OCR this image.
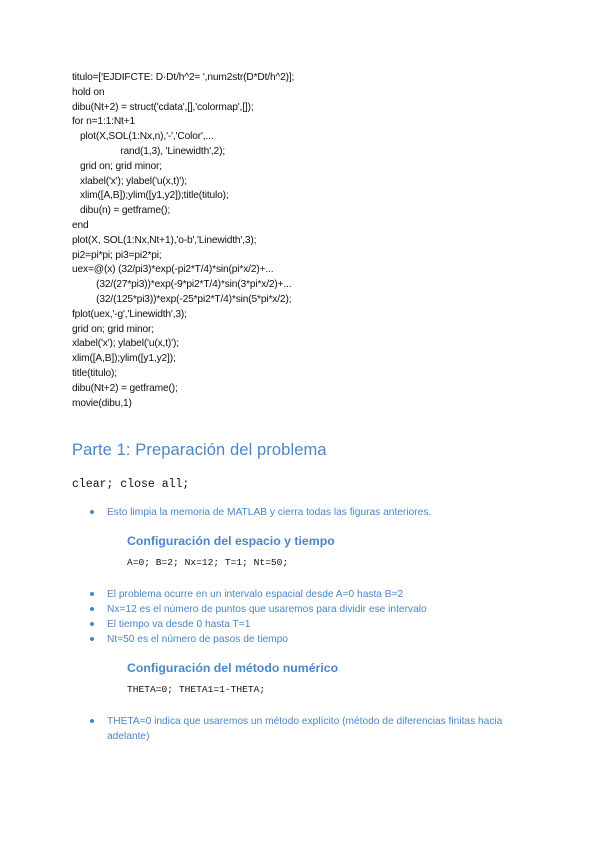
titulo=['EJDIFCTE: D·Dt/h^2= ',num2str(D*Dt/h^2)];
hold on
dibu(Nt+2) = struct('cdata',[],'colormap',[]);
for n=1:1:Nt+1
plot(X,SOL(1:Nx,n),'-','Color',...
rand(1,3), 'Linewidth',2);
grid on; grid minor;
xlabel('x'); ylabel('u(x,t)');
xlim([A,B]);ylim([y1,y2]);title(titulo);
dibu(n) = getframe();
end
plot(X, SOL(1:Nx,Nt+1),'o-b','Linewidth',3);
pi2=pi*pi; pi3=pi2*pi;
uex=@(x) (32/pi3)*exp(-pi2*T/4)*sin(pi*x/2)+...
(32/(27*pi3))*exp(-9*pi2*T/4)*sin(3*pi*x/2)+...
(32/(125*pi3))*exp(-25*pi2*T/4)*sin(5*pi*x/2);
fplot(uex,'-g','Linewidth',3);
grid on; grid minor;
xlabel('x'); ylabel('u(x,t)');
xlim([A,B]);ylim([y1,y2]);
title(titulo);
dibu(Nt+2) = getframe();
movie(dibu,1)
Parte 1: Preparación del problema
clear; close all;
Esto limpia la memoria de MATLAB y cierra todas las figuras anteriores.
Configuración del espacio y tiempo
A=0; B=2; Nx=12; T=1; Nt=50;
El problema ocurre en un intervalo espacial desde A=0 hasta B=2
Nx=12 es el número de puntos que usaremos para dividir ese intervalo
El tiempo va desde 0 hasta T=1
Nt=50 es el número de pasos de tiempo
Configuración del método numérico
THETA=0; THETA1=1-THETA;
THETA=0 indica que usaremos un método explícito (método de diferencias finitas hacia adelante)
